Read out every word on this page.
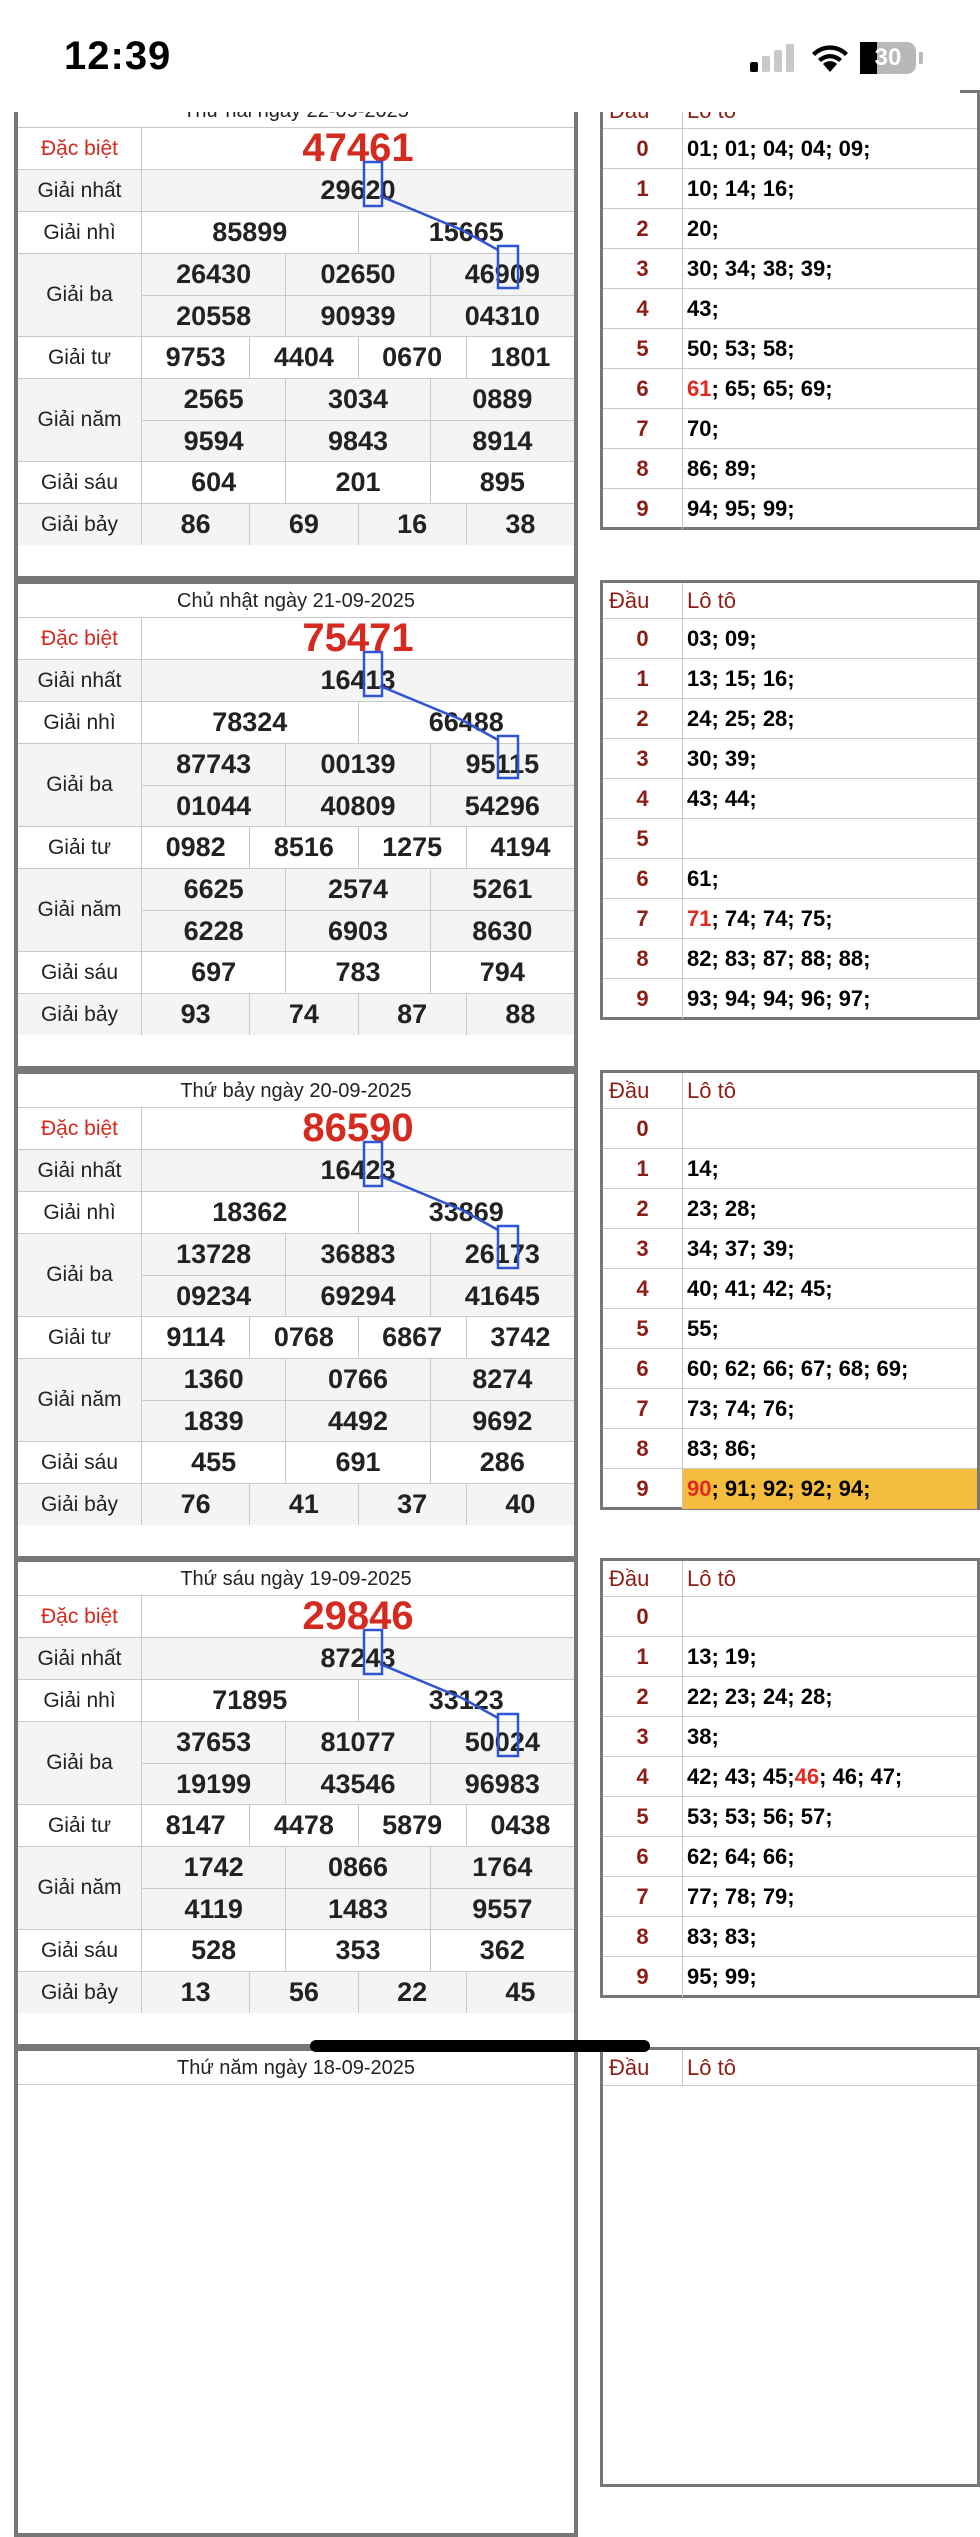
12:39	30
Đặc biệt	47461
Giải nhất	29620
Giải nhì	85899	15665
Giải ba
26430	02650	46909
20558	90939	04310
Giải tư	9753	4404	0670	1801
Giải năm
2565	3034	0889
9594	9843	8914
Giải sáu	604	201	895
Giải bảy	86	69	16	38
0	01; 01; 04; 04; 09;
1	10; 14; 16;
2	20;
3	30; 34; 38; 39;
4	43;
5	50; 53; 58;
6	61 ; 65; 65; 69;
7	70;
8	86; 89;
9	94; 95; 99;
Chủ nhật ngày 21-09-2025
Đặc biệt	75471
Giải nhất	16413
Giải nhì	78324	66488
Giải ba
87743	00139	95115
01044	40809	54296
Giải tư	0982	8516	1275	4194
Giải năm
6625	2574	5261
6228	6903	8630
Giải sáu	697	783	794
Giải bảy	93	74	87	88
Đầu	Lô tô
0	03; 09;
1	13; 15; 16;
2	24; 25; 28;
3	30; 39;
4	43; 44;
5
6	61;
7	71 ; 74; 74; 75;
8	82; 83; 87; 88; 88;
9	93; 94; 94; 96; 97;
Thứ bảy ngày 20-09-2025
Đặc biệt	86590
Giải nhất	16423
Giải nhì	18362	33869
Giải ba
13728	36883	26173
09234	69294	41645
Giải tư	9114	0768	6867	3742
Giải năm
1360	0766	8274
1839	4492	9692
Giải sáu	455	691	286
Giải bảy	76	41	37	40
Đầu	Lô tô
0
1	14;
2	23; 28;
3	34; 37; 39;
4	40; 41; 42; 45;
5	55;
6	60; 62; 66; 67; 68; 69;
7	73; 74; 76;
8	83; 86;
9	90 ; 91; 92; 92; 94;
Thứ sáu ngày 19-09-2025
Đặc biệt	29846
Giải nhất	87243
Giải nhì	71895	33123
Giải ba
37653	81077	50024
19199	43546	96983
Giải tư	8147	4478	5879	0438
Giải năm
1742	0866	1764
4119	1483	9557
Giải sáu	528	353	362
Giải bảy	13	56	22	45
Đầu	Lô tô
0
1	13; 19;
2	22; 23; 24; 28;
3	38;
4	42; 43; 45; 46 ; 46; 47;
5	53; 53; 56; 57;
6	62; 64; 66;
7	77; 78; 79;
8	83; 83;
9	95; 99;
Thứ năm ngày 18-09-2025	Đầu	Lô tô
